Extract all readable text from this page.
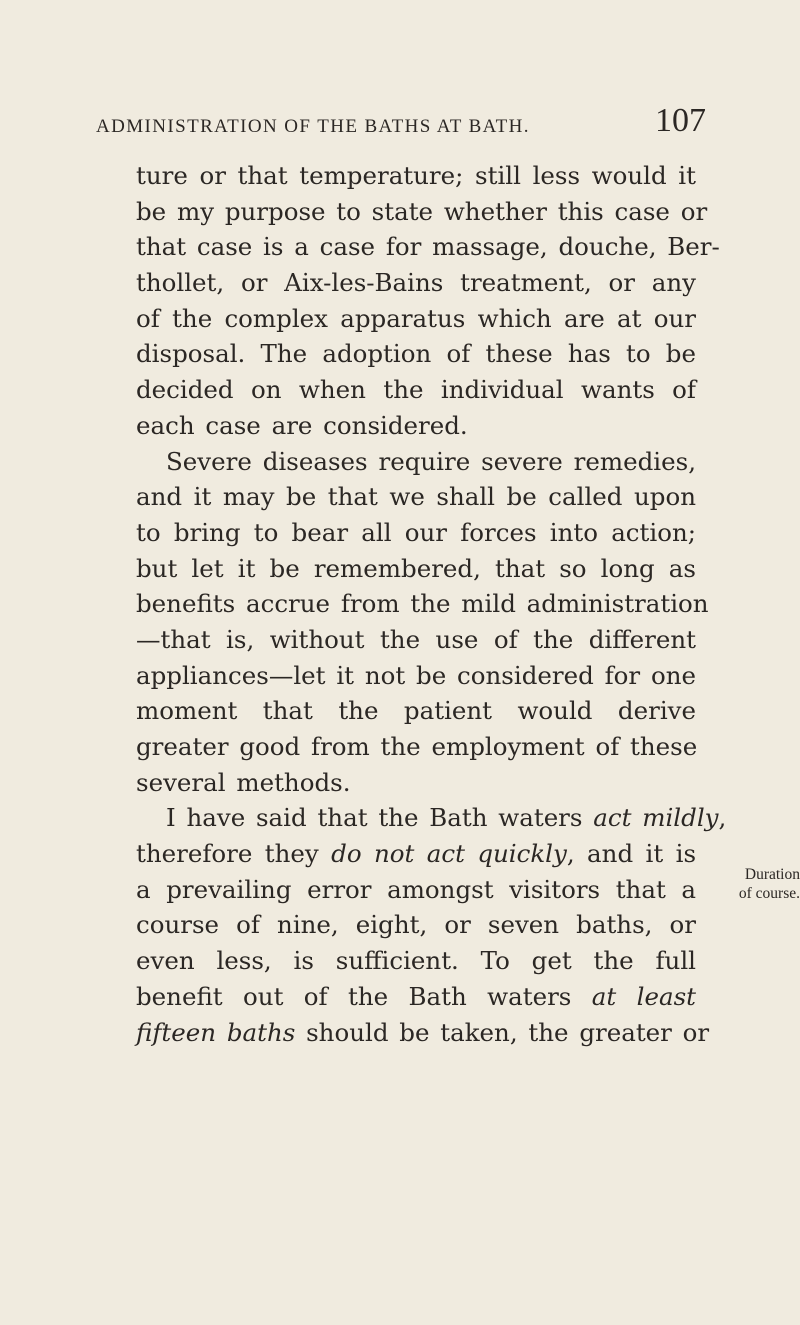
ADMINISTRATION OF THE BATHS AT BATH.	107
ture or that temperature; still less would it
be my purpose to state whether this case or
that case is a case for massage, douche, Ber-
thollet, or Aix-les-Bains treatment, or any
of the complex apparatus which are at our
disposal. The adoption of these has to be
decided on when the individual wants of
each case are considered.
Severe diseases require severe remedies,
and it may be that we shall be called upon
to bring to bear all our forces into action;
but let it be remembered, that so long as
benefits accrue from the mild administration
—that is, without the use of the different
appliances—let it not be considered for one
moment that the patient would derive
greater good from the employment of these
several methods.
I have said that the Bath waters act mildly,
therefore they do not act quickly, and it is
a prevailing error amongst visitors that a
course of nine, eight, or seven baths, or
even less, is sufficient. To get the full
benefit out of the Bath waters at least
fifteen baths should be taken, the greater or
Duration
of course.
